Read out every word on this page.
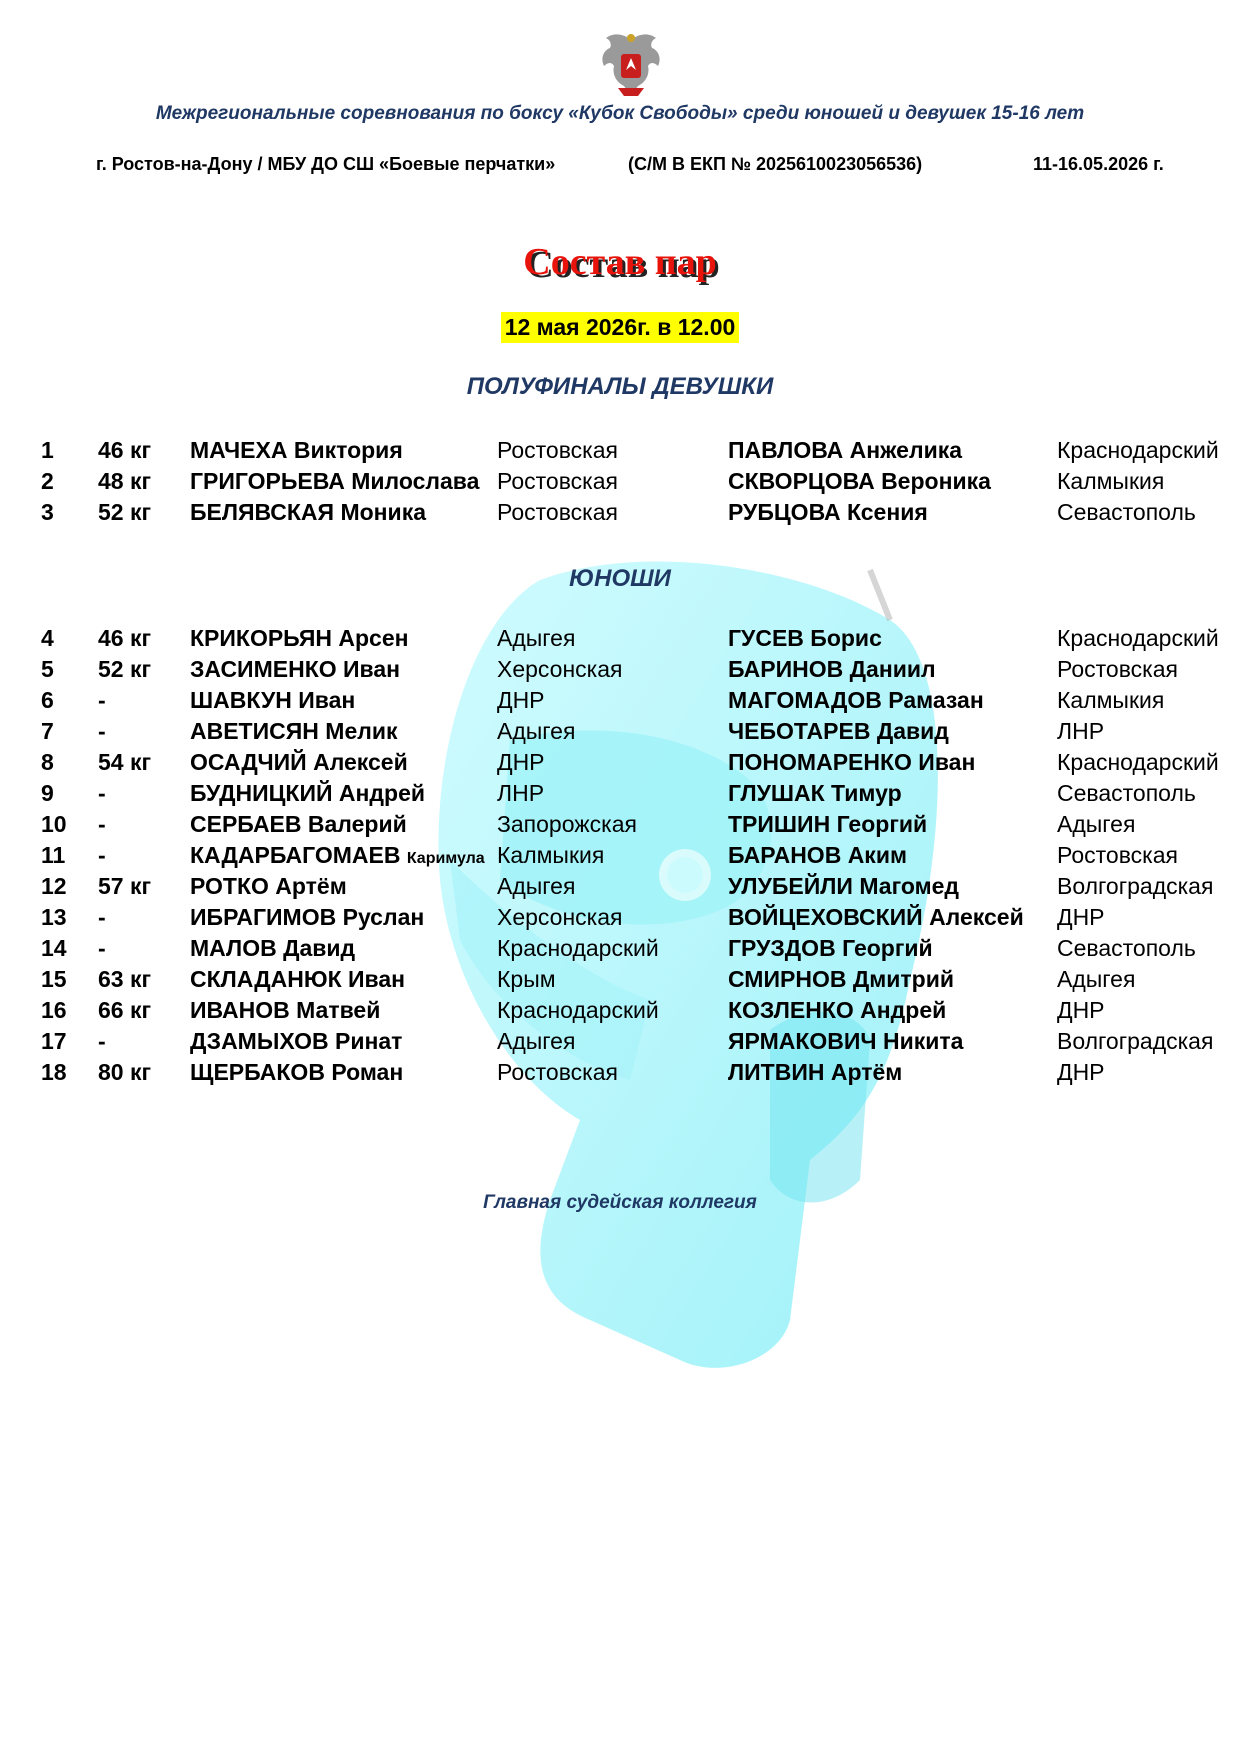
Межрегиональные соревнования по боксу «Кубок Свободы» среди юношей и девушек 15-16 лет
г. Ростов-на-Дону / МБУ ДО СШ «Боевые перчатки»	(С/М В ЕКП № 2025610023056536)	11-16.05.2026 г.
Состав пар
12 мая 2026г. в 12.00
ПОЛУФИНАЛЫ ДЕВУШКИ
1 46 кг МАЧЕХА Виктория	Ростовская	ПАВЛОВА Анжелика	Краснодарский
2 48 кг ГРИГОРЬЕВА Милослава Ростовская	СКВОРЦОВА Вероника	Калмыкия
3 52 кг БЕЛЯВСКАЯ Моника	Ростовская	РУБЦОВА Ксения	Севастополь
ЮНОШИ
4 46 кг КРИКОРЬЯН Арсен	Адыгея	ГУСЕВ Борис	Краснодарский
5 52 кг ЗАСИМЕНКО Иван	Херсонская	БАРИНОВ Даниил	Ростовская
6 -	ШАВКУН Иван	ДНР	МАГОМАДОВ Рамазан	Калмыкия
7 -	АВЕТИСЯН Мелик	Адыгея	ЧЕБОТАРЕВ Давид	ЛНР
8 54 кг ОСАДЧИЙ Алексей	ДНР	ПОНОМАРЕНКО Иван	Краснодарский
9 -	БУДНИЦКИЙ Андрей	ЛНР	ГЛУШАК Тимур	Севастополь
10 -	СЕРБАЕВ Валерий	Запорожская	ТРИШИН Георгий	Адыгея
11 -	КАДАРБАГОМАЕВ Каримула Калмыкия	БАРАНОВ Аким	Ростовская
12 57 кг РОТКО Артём	Адыгея	УЛУБЕЙЛИ Магомед	Волгоградская
13 -	ИБРАГИМОВ Руслан	Херсонская	ВОЙЦЕХОВСКИЙ Алексей ДНР
14 -	МАЛОВ Давид	Краснодарский	ГРУЗДОВ Георгий	Севастополь
15 63 кг СКЛАДАНЮК Иван	Крым	СМИРНОВ Дмитрий	Адыгея
16 66 кг ИВАНОВ Матвей	Краснодарский	КОЗЛЕНКО Андрей	ДНР
17 -	ДЗАМЫХОВ Ринат	Адыгея	ЯРМАКОВИЧ Никита	Волгоградская
18 80 кг ЩЕРБАКОВ Роман	Ростовская	ЛИТВИН Артём	ДНР
Главная судейская коллегия
